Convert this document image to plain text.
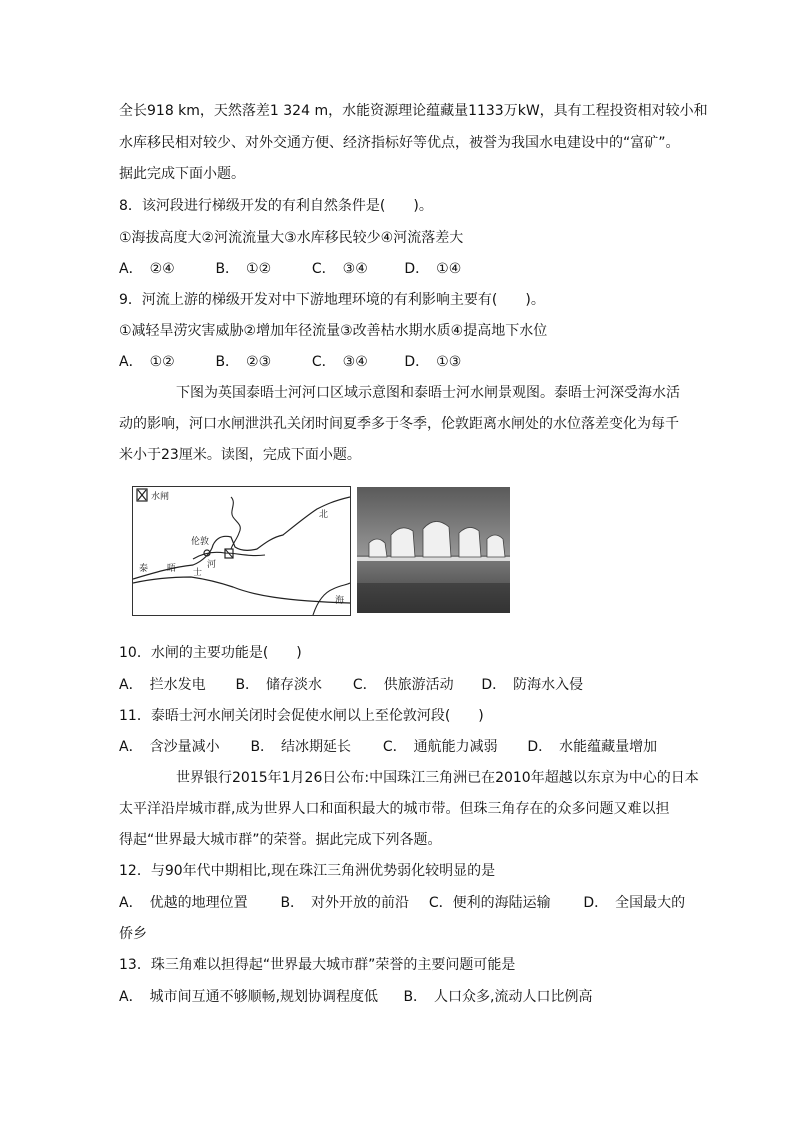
全长918 km，天然落差1 324 m，水能资源理论蕴藏量1133万kW，具有工程投资相对较小和
水库移民相对较少、对外交通方便、经济指标好等优点，被誉为我国水电建设中的“富矿”。
据此完成下面小题。
8．该河段进行梯级开发的有利自然条件是(　　)。
①海拔高度大②河流流量大③水库移民较少④河流落差大
A．　②④	B．　①②	C．　③④	D．　①④
9．河流上游的梯级开发对中下游地理环境的有利影响主要有(　　)。
①减轻旱涝灾害威胁②增加年径流量③改善枯水期水质④提高地下水位
A．　①②	B．　②③	C．　③④	D．　①③
下图为英国泰晤士河河口区域示意图和泰晤士河水闸景观图。泰晤士河深受海水活
动的影响，河口水闸泄洪孔关闭时间夏季多于冬季，伦敦距离水闸处的水位落差变化为每千
米小于23厘米。读图，完成下面小题。
水闸
伦敦
泰 晤 士
河
北
海
10．水闸的主要功能是(　　)
A．　拦水发电 B．　储存淡水 C．　供旅游活动 D．　防海水入侵
11．泰晤士河水闸关闭时会促使水闸以上至伦敦河段(　　)
A．　含沙量减小 B．　结冰期延长 C．　通航能力减弱 D．　水能蕴藏量增加
世界银行2015年1月26日公布:中国珠江三角洲已在2010年超越以东京为中心的日本
太平洋沿岸城市群,成为世界人口和面积最大的城市带。但珠三角存在的众多问题又难以担
得起“世界最大城市群”的荣誉。据此完成下列各题。
12．与90年代中期相比,现在珠江三角洲优势弱化较明显的是
A．　优越的地理位置 B．　对外开放的前沿 C．便利的海陆运输 D．　全国最大的
侨乡
13．珠三角难以担得起“世界最大城市群”荣誉的主要问题可能是
A．　城市间互通不够顺畅,规划协调程度低 B．　人口众多,流动人口比例高
